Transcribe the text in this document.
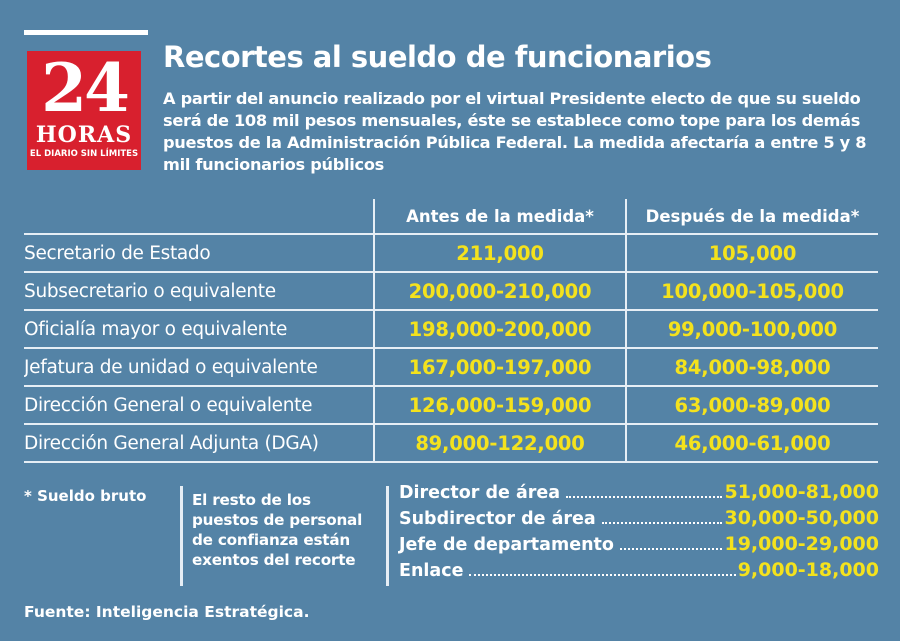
24
HORAS
EL DIARIO SIN LÍMITES
Recortes al sueldo de funcionarios
A partir del anuncio realizado por el virtual Presidente electo de que su sueldo será de 108 mil pesos mensuales, éste se establece como tope para los demás puestos de la Administración Pública Federal. La medida afectaría a entre 5 y 8 mil funcionarios públicos
	Antes de la medida*	Después de la medida*
Secretario de Estado	211,000	105,000
Subsecretario o equivalente	200,000-210,000	100,000-105,000
Oficialía mayor o equivalente	198,000-200,000	99,000-100,000
Jefatura de unidad o equivalente	167,000-197,000	84,000-98,000
Dirección General o equivalente	126,000-159,000	63,000-89,000
Dirección General Adjunta (DGA)	89,000-122,000	46,000-61,000
* Sueldo bruto	El resto de los puestos de personal de confianza están exentos del recorte
Director de área	51,000-81,000
Subdirector de área	30,000-50,000
Jefe de departamento	19,000-29,000
Enlace	9,000-18,000
Fuente: Inteligencia Estratégica.
